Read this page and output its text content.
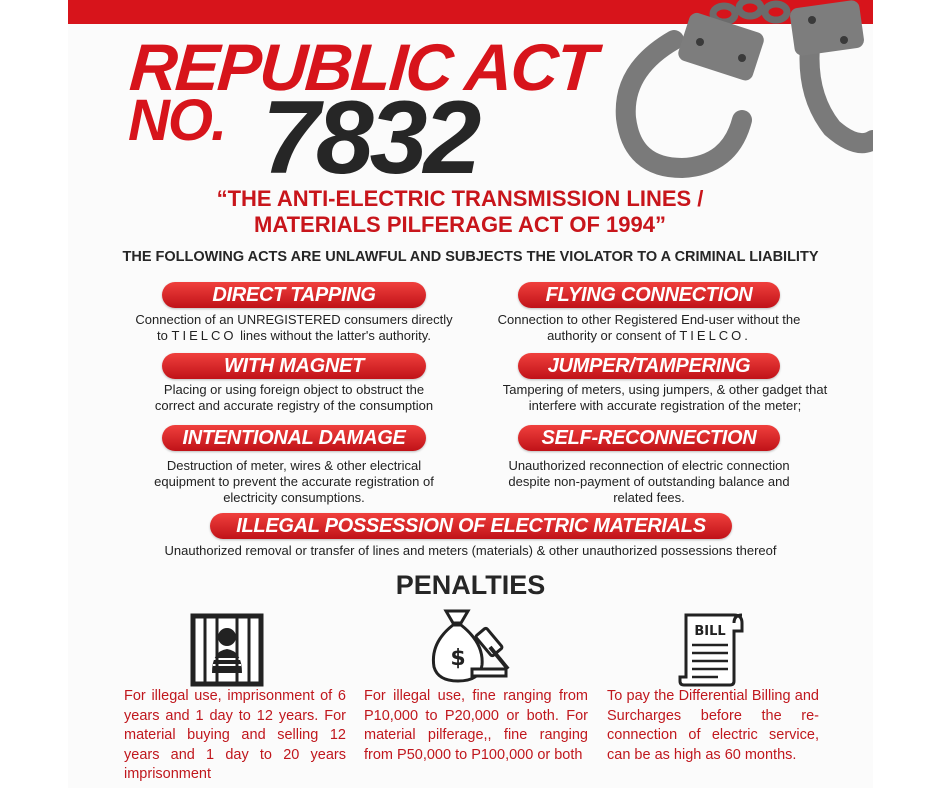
REPUBLIC ACT
NO. 7832
“THE ANTI-ELECTRIC TRANSMISSION LINES /
MATERIALS PILFERAGE ACT OF 1994”
THE FOLLOWING ACTS ARE UNLAWFUL AND SUBJECTS THE VIOLATOR TO A CRIMINAL LIABILITY
DIRECT TAPPING
Connection of an UNREGISTERED consumers directly
to TIELCO lines without the latter's authority.
FLYING CONNECTION
Connection to other Registered End-user without the
authority or consent of TIELCO.
WITH MAGNET
Placing or using foreign object to obstruct the
correct and accurate registry of the consumption
JUMPER/TAMPERING
Tampering of meters, using jumpers, & other gadget that
interfere with accurate registration of the meter;
INTENTIONAL DAMAGE
Destruction of meter, wires & other electrical
equipment to prevent the accurate registration of
electricity consumptions.
SELF-RECONNECTION
Unauthorized reconnection of electric connection
despite non-payment of outstanding balance and
related fees.
ILLEGAL POSSESSION OF ELECTRIC MATERIALS
Unauthorized removal or transfer of lines and meters (materials) & other unauthorized possessions thereof
PENALTIES
$
BILL
For illegal use, imprisonment of 6 years and 1 day to 12 years. For material buying and selling 12 years and 1 day to 20 years imprisonment
For illegal use, fine ranging from P10,000 to P20,000 or both. For material pilferage,, fine ranging from P50,000 to P100,000 or both
To pay the Differential Billing and Surcharges before the re-connection of electric service, can be as high as 60 months.
